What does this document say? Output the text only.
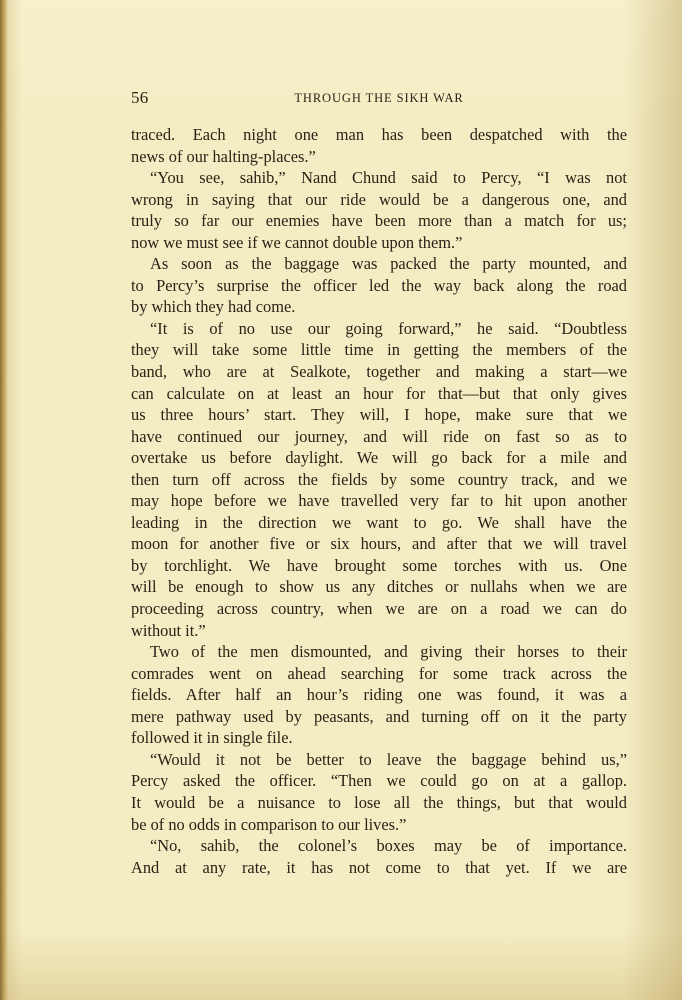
56	THROUGH THE SIKH WAR
traced. Each night one man has been despatched with the
news of our halting-places.”
“You see, sahib,” Nand Chund said to Percy, “I was not
wrong in saying that our ride would be a dangerous one, and
truly so far our enemies have been more than a match for us;
now we must see if we cannot double upon them.”
As soon as the baggage was packed the party mounted, and
to Percy’s surprise the officer led the way back along the road
by which they had come.
“It is of no use our going forward,” he said. “Doubtless
they will take some little time in getting the members of the
band, who are at Sealkote, together and making a start—we
can calculate on at least an hour for that—but that only gives
us three hours’ start. They will, I hope, make sure that we
have continued our journey, and will ride on fast so as to
overtake us before daylight. We will go back for a mile and
then turn off across the fields by some country track, and we
may hope before we have travelled very far to hit upon another
leading in the direction we want to go. We shall have the
moon for another five or six hours, and after that we will travel
by torchlight. We have brought some torches with us. One
will be enough to show us any ditches or nullahs when we are
proceeding across country, when we are on a road we can do
without it.”
Two of the men dismounted, and giving their horses to their
comrades went on ahead searching for some track across the
fields. After half an hour’s riding one was found, it was a
mere pathway used by peasants, and turning off on it the party
followed it in single file.
“Would it not be better to leave the baggage behind us,”
Percy asked the officer. “Then we could go on at a gallop.
It would be a nuisance to lose all the things, but that would
be of no odds in comparison to our lives.”
“No, sahib, the colonel’s boxes may be of importance.
And at any rate, it has not come to that yet. If we are
